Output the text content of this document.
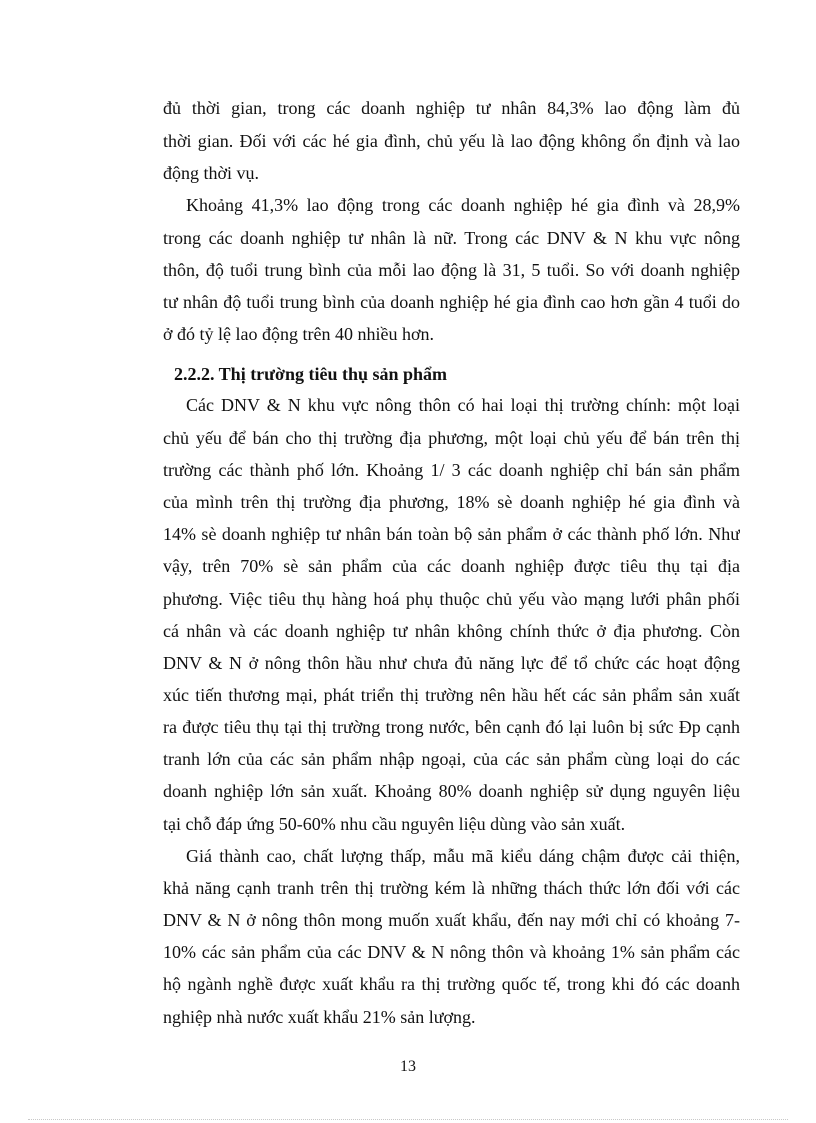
đủ thời gian, trong các doanh nghiệp tư nhân 84,3% lao động làm đủ
thời gian. Đối với các hé gia đình, chủ yếu là lao động không ổn định và lao
động thời vụ.
Khoảng 41,3% lao động trong các doanh nghiệp hé gia đình và 28,9%
trong các doanh nghiệp tư nhân là nữ. Trong các DNV & N khu vực nông
thôn, độ tuổi trung bình của mỗi lao động là 31, 5 tuổi. So với doanh nghiệp
tư nhân độ tuổi trung bình của doanh nghiệp hé gia đình cao hơn gần 4 tuổi do
ở đó tỷ lệ lao động trên 40 nhiều hơn.
2.2.2. Thị trường tiêu thụ sản phẩm
Các DNV & N khu vực nông thôn có hai loại thị trường chính: một loại
chủ yếu để bán cho thị trường địa phương, một loại chủ yếu để bán trên thị
trường các thành phố lớn. Khoảng 1/ 3 các doanh nghiệp chỉ bán sản phẩm
của mình trên thị trường địa phương, 18% sè doanh nghiệp hé gia đình và
14% sè doanh nghiệp tư nhân bán toàn bộ sản phẩm ở các thành phố lớn. Như
vậy, trên 70% sè sản phẩm của các doanh nghiệp được tiêu thụ tại địa
phương. Việc tiêu thụ hàng hoá phụ thuộc chủ yếu vào mạng lưới phân phối
cá nhân và các doanh nghiệp tư nhân không chính thức ở địa phương. Còn
DNV & N ở nông thôn hầu như chưa đủ năng lực để tổ chức các hoạt động
xúc tiến thương mại, phát triển thị trường nên hầu hết các sản phẩm sản xuất
ra được tiêu thụ tại thị trường trong nước, bên cạnh đó lại luôn bị sức Ðp cạnh
tranh lớn của các sản phẩm nhập ngoại, của các sản phẩm cùng loại do các
doanh nghiệp lớn sản xuất. Khoảng 80% doanh nghiệp sử dụng nguyên liệu
tại chỗ đáp ứng 50-60% nhu cầu nguyên liệu dùng vào sản xuất.
Giá thành cao, chất lượng thấp, mẫu mã kiểu dáng chậm được cải thiện,
khả năng cạnh tranh trên thị trường kém là những thách thức lớn đối với các
DNV & N ở nông thôn mong muốn xuất khẩu, đến nay mới chỉ có khoảng 7-
10% các sản phẩm của các DNV & N nông thôn và khoảng 1% sản phẩm các
hộ ngành nghề được xuất khẩu ra thị trường quốc tế, trong khi đó các doanh
nghiệp nhà nước xuất khẩu 21% sản lượng.
13
